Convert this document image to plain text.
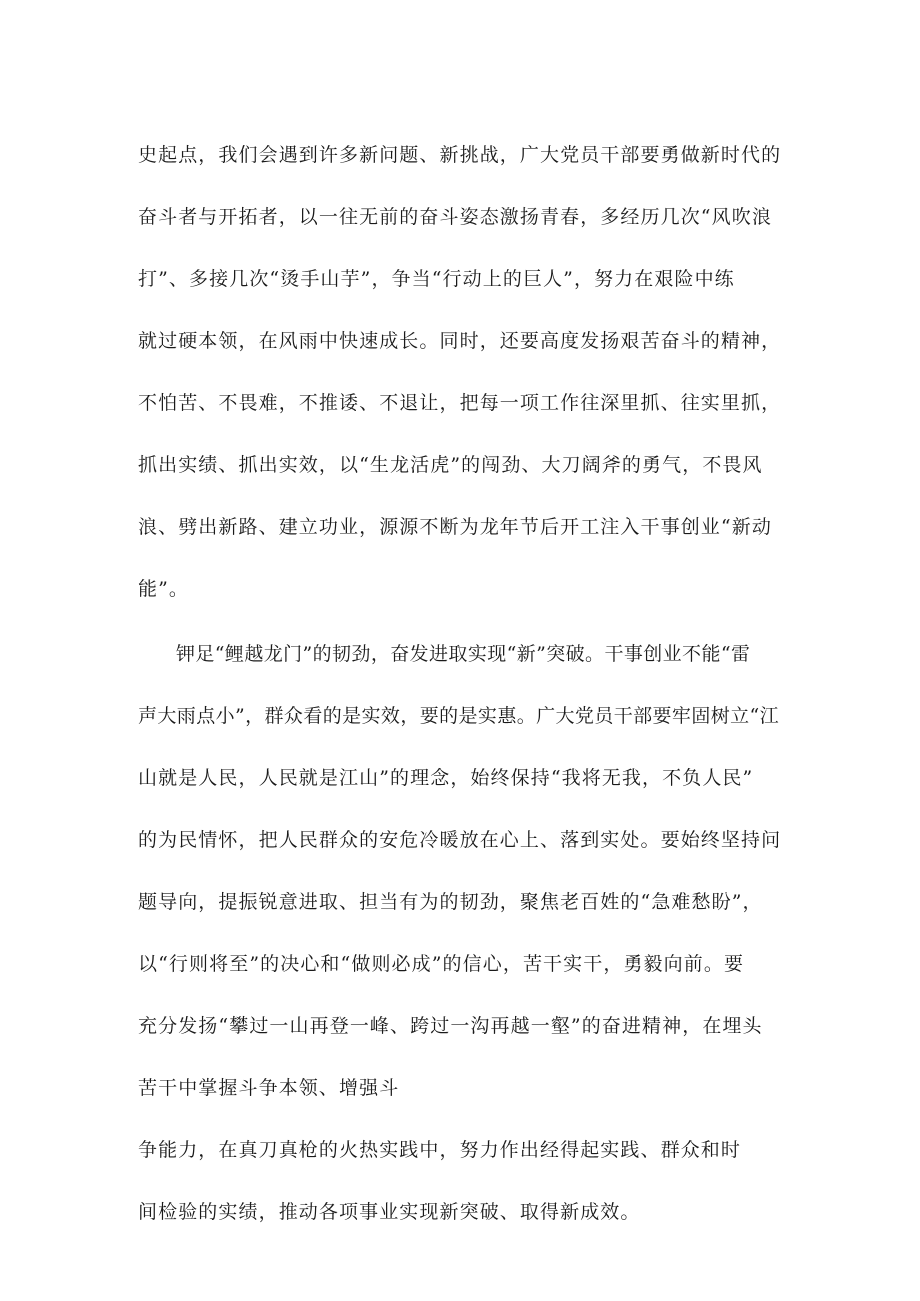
史起点，我们会遇到许多新问题、新挑战，广大党员干部要勇做新时代的
奋斗者与开拓者，以一往无前的奋斗姿态激扬青春，多经历几次“风吹浪
打”、多接几次“烫手山芋”，争当“行动上的巨人”，努力在艰险中练
就过硬本领，在风雨中快速成长。同时，还要高度发扬艰苦奋斗的精神，
不怕苦、不畏难，不推诿、不退让，把每一项工作往深里抓、往实里抓，
抓出实绩、抓出实效，以“生龙活虎”的闯劲、大刀阔斧的勇气，不畏风
浪、劈出新路、建立功业，源源不断为龙年节后开工注入干事创业“新动
能”。
钾足“鲤越龙门”的韧劲，奋发进取实现“新”突破。干事创业不能“雷
声大雨点小”，群众看的是实效，要的是实惠。广大党员干部要牢固树立“江
山就是人民，人民就是江山”的理念，始终保持“我将无我，不负人民”
的为民情怀，把人民群众的安危冷暖放在心上、落到实处。要始终坚持问
题导向，提振锐意进取、担当有为的韧劲，聚焦老百姓的“急难愁盼”，
以“行则将至”的决心和“做则必成”的信心，苦干实干，勇毅向前。要
充分发扬“攀过一山再登一峰、跨过一沟再越一壑”的奋进精神，在埋头
苦干中掌握斗争本领、增强斗
争能力，在真刀真枪的火热实践中，努力作出经得起实践、群众和时
间检验的实绩，推动各项事业实现新突破、取得新成效。
